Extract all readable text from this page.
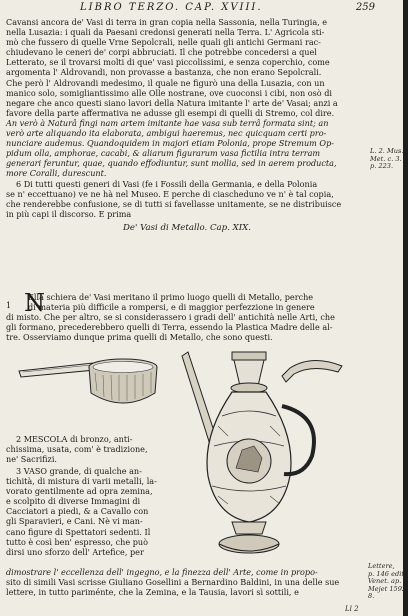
LIBRO TERZO. CAP. XVIII.	259
Cavansi ancora de' Vasi di terra in gran copia nella Sassonia, nella Turingia, e
nella Lusazia: i quali da Paesani credonsi generati nella Terra. L' Agricola sti-
mò che fussero di quelle Vrne Sepolcrali, nelle quali gli antichi Germani rac-
chiudevano le ceneri de' corpi abbruciati. Il che potrebbe concedersi a quel
Letterato, se il trovarsi molti di que' vasi piccolissimi, e senza coperchio, come
argomenta l' Aldrovandi, non provasse a bastanza, che non erano Sepolcrali.
Che però l' Aldrovandi medesimo, il quale ne figurò una della Lusazia, con un
manico solo, somigliantissimo alle Olle nostrane, ove cuoconsi i cibi, non osò di
negare che anco questi siano lavori della Natura imitante l' arte de' Vasai; anzi a
favore della parte affermativa ne adusse gli esempi di quelli di Stremo, col dire.
An verò à Naturâ fingi nam artem imitante hae vasa sub terrâ formata sint; an
verò arte aliquando ita elaborata, ambigui haeremus, nec quicquam certi pro-
nunciare audemus. Quandoquidem in majori etiam Polonia, prope Stremum Op-
pidum olla, amphorae, cacabi, & aliarum figurarum vasa fictilia intra terram
generari feruntur, quae, quando effodiuntur, sunt mollia, sed in aerem producta,
more Coralli, durescunt.
6 Di tutti questi generi di Vasi (fe i Fossili della Germania, e della Polonia
se n' eccettuano) ve ne hà nel Museo. E perche di ciascheduno ve n' è tal copia,
che renderebbe confusione, se di tutti si favellasse unitamente, se ne distribuisce
in più capi il discorso. E prima
De' Vasi di Metallo. Cap. XIX.
L. 2. Mus.
Met. c. 3.
p. 223.
1 N
Ella schiera de' Vasi meritano il primo luogo quelli di Metallo, perche
di materia più difficile a rompersi, e di maggior perfezzione in genere
di misto. Che per altro, se si considerassero i gradi dell' antichità nelle Arti, che
gli formano, precederebbero quelli di Terra, essendo la Plastica Madre delle al-
tre. Osserviamo dunque prima quelli di Metallo, che sono questi.
2 MESCOLA di bronzo, anti-
chissima, usata, com' è tradizione,
ne' Sacrifizi.
3 VASO grande, di qualche an-
tichità, di mistura di varii metalli, la-
vorato gentilmente ad opra zemina,
e scolpito di diverse Immagini di
Cacciatori a piedi, & a Cavallo con
gli Sparavieri, e Cani. Nè vi man-
cano figure di Spettatori sedenti. Il
tutto è così ben' espresso, che può
dirsi uno sforzo dell' Artefice, per
dimostrare l' eccellenza dell' ingegno, e la finezza dell' Arte, come in propo-
sito di simili Vasi scrisse Giuliano Gosellini a Bernardino Baldini, in una delle sue
lettere, in tutto pariménte, che la Zemina, e la Tausia, lavori sì sottili, e
Lettere,
p. 146 edit.
Venet. ap.
Mejet 1592.
8.
Ll 2
